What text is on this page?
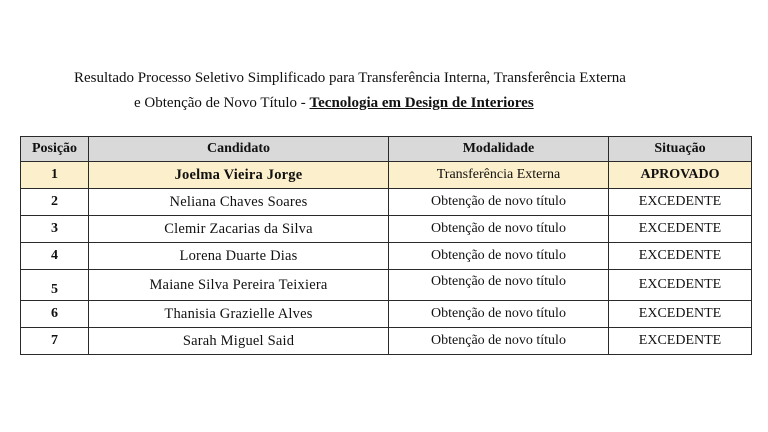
Resultado Processo Seletivo Simplificado para Transferência Interna, Transferência Externa
e Obtenção de Novo Título - Tecnologia em Design de Interiores
Posição	Candidato	Modalidade	Situação
1	Joelma Vieira Jorge	Transferência Externa	APROVADO
2	Neliana Chaves Soares	Obtenção de novo título	EXCEDENTE
3	Clemir Zacarias da Silva	Obtenção de novo título	EXCEDENTE
4	Lorena Duarte Dias	Obtenção de novo título	EXCEDENTE
5	Maiane Silva Pereira Teixiera	Obtenção de novo título	EXCEDENTE
6	Thanisia Grazielle Alves	Obtenção de novo título	EXCEDENTE
7	Sarah Miguel Said	Obtenção de novo título	EXCEDENTE
